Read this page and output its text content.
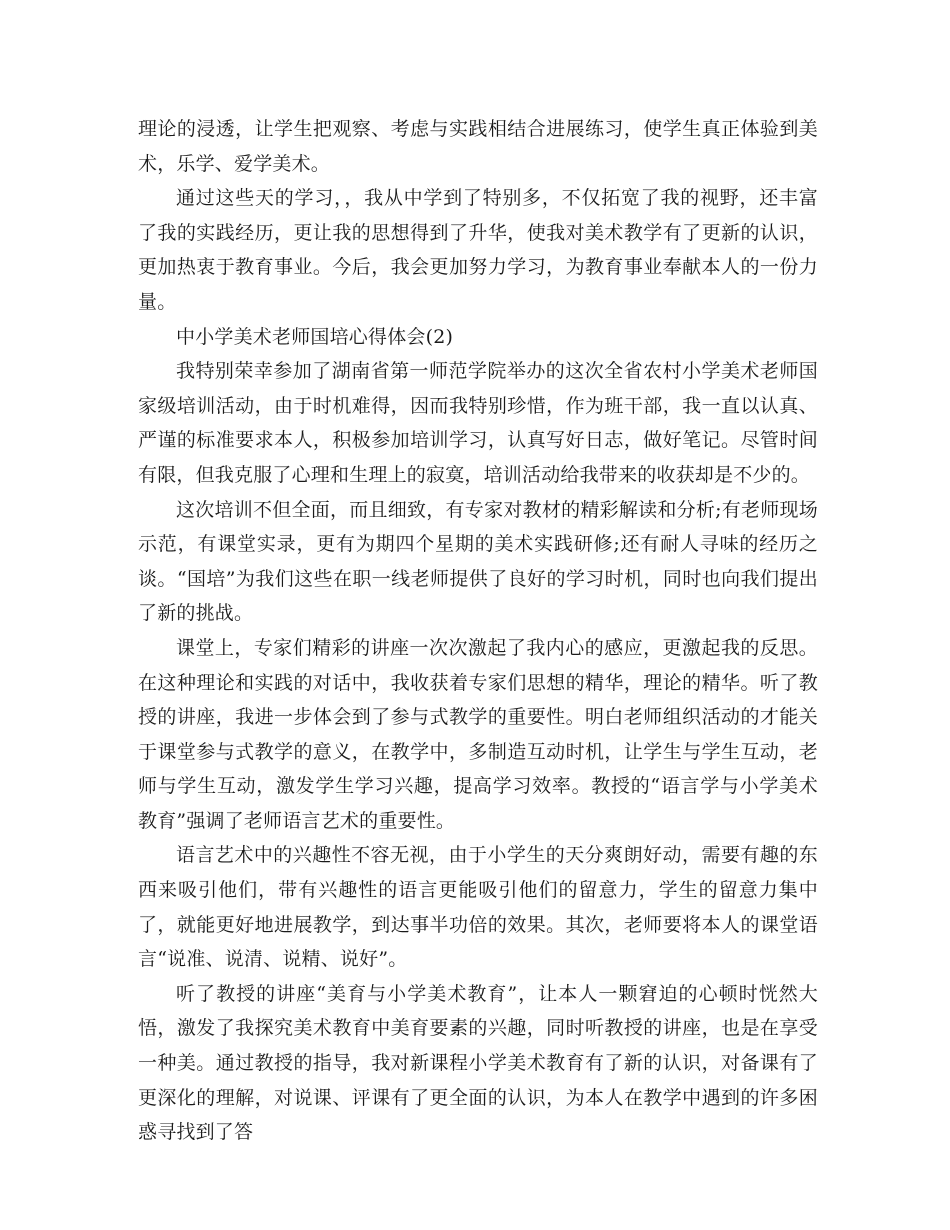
理论的浸透，让学生把观察、考虑与实践相结合进展练习，使学生真正体验到美术，乐学、爱学美术。

通过这些天的学习，，我从中学到了特别多，不仅拓宽了我的视野，还丰富了我的实践经历，更让我的思想得到了升华，使我对美术教学有了更新的认识，更加热衷于教育事业。今后，我会更加努力学习，为教育事业奉献本人的一份力量。

中小学美术老师国培心得体会(2)

我特别荣幸参加了湖南省第一师范学院举办的这次全省农村小学美术老师国家级培训活动，由于时机难得，因而我特别珍惜，作为班干部，我一直以认真、严谨的标准要求本人，积极参加培训学习，认真写好日志，做好笔记。尽管时间有限，但我克服了心理和生理上的寂寞，培训活动给我带来的收获却是不少的。

这次培训不但全面，而且细致，有专家对教材的精彩解读和分析;有老师现场示范，有课堂实录，更有为期四个星期的美术实践研修;还有耐人寻味的经历之谈。“国培”为我们这些在职一线老师提供了良好的学习时机，同时也向我们提出了新的挑战。

课堂上，专家们精彩的讲座一次次激起了我内心的感应，更激起我的反思。在这种理论和实践的对话中，我收获着专家们思想的精华，理论的精华。听了教授的讲座，我进一步体会到了参与式教学的重要性。明白老师组织活动的才能关于课堂参与式教学的意义，在教学中，多制造互动时机，让学生与学生互动，老师与学生互动，激发学生学习兴趣，提高学习效率。教授的“语言学与小学美术教育”强调了老师语言艺术的重要性。

语言艺术中的兴趣性不容无视，由于小学生的天分爽朗好动，需要有趣的东西来吸引他们，带有兴趣性的语言更能吸引他们的留意力，学生的留意力集中了，就能更好地进展教学，到达事半功倍的效果。其次，老师要将本人的课堂语言“说准、说清、说精、说好”。

听了教授的讲座“美育与小学美术教育”，让本人一颗窘迫的心顿时恍然大悟，激发了我探究美术教育中美育要素的兴趣，同时听教授的讲座，也是在享受一种美。通过教授的指导，我对新课程小学美术教育有了新的认识，对备课有了更深化的理解，对说课、评课有了更全面的认识，为本人在教学中遇到的许多困惑寻找到了答
